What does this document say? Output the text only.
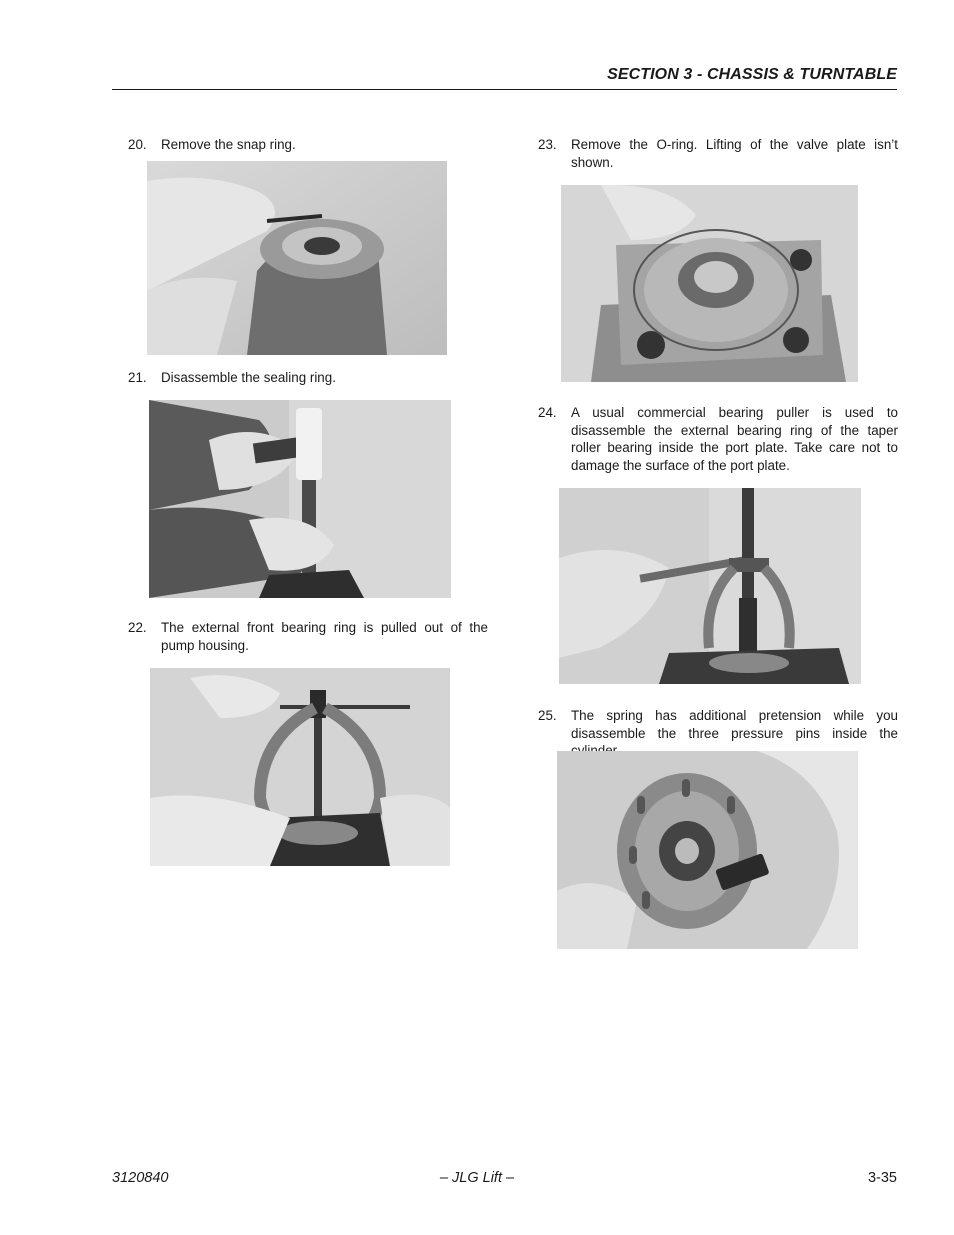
SECTION 3 - CHASSIS & TURNTABLE
20. Remove the snap ring.
21. Disassemble the sealing ring.
22. The external front bearing ring is pulled out of the pump housing.
23. Remove the O-ring. Lifting of the valve plate isn’t shown.
24. A usual commercial bearing puller is used to disassemble the external bearing ring of the taper roller bearing inside the port plate. Take care not to damage the surface of the port plate.
25. The spring has additional pretension while you disassemble the three pressure pins inside the
3120840	– JLG Lift –	3-35
